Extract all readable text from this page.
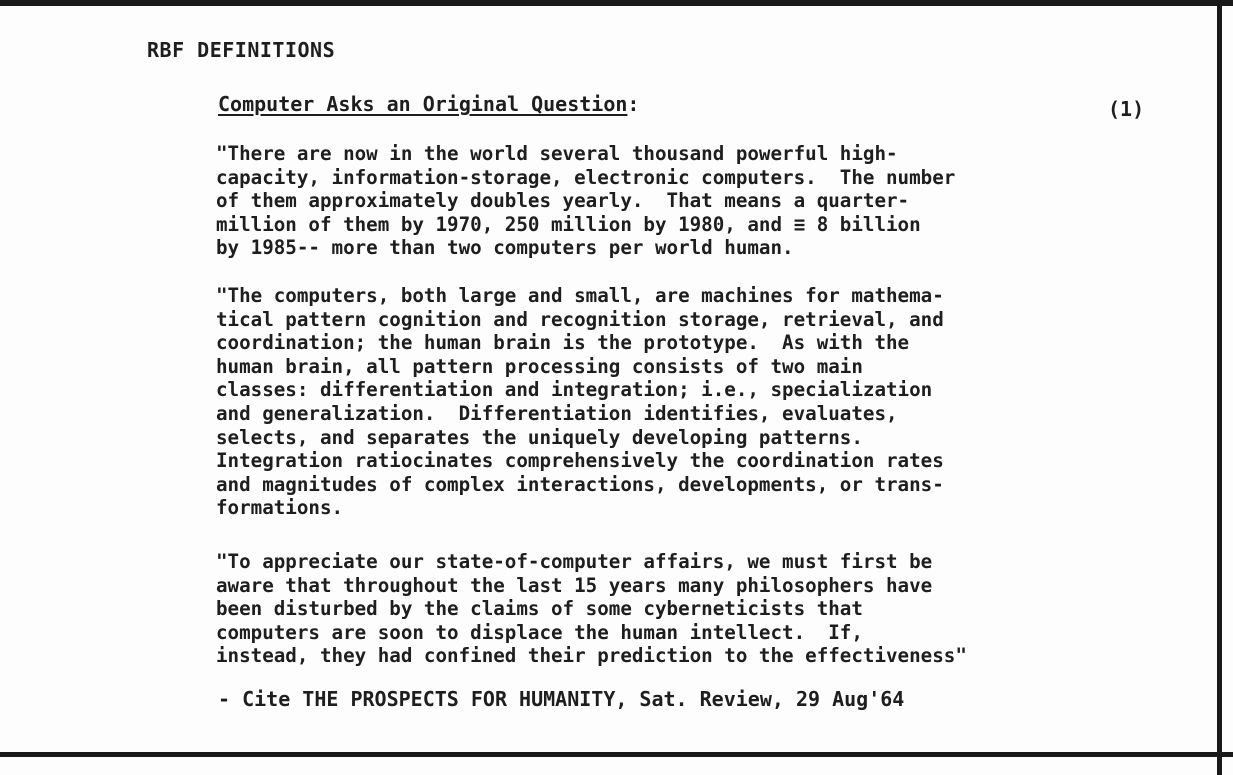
RBF DEFINITIONS
Computer Asks an Original Question:	(1)
"There are now in the world several thousand powerful high-
capacity, information-storage, electronic computers.  The number
of them approximately doubles yearly.  That means a quarter-
million of them by 1970, 250 million by 1980, and ≡ 8 billion
by 1985-- more than two computers per world human.
"The computers, both large and small, are machines for mathema-
tical pattern cognition and recognition storage, retrieval, and
coordination; the human brain is the prototype.  As with the
human brain, all pattern processing consists of two main
classes: differentiation and integration; i.e., specialization
and generalization.  Differentiation identifies, evaluates,
selects, and separates the uniquely developing patterns.
Integration ratiocinates comprehensively the coordination rates
and magnitudes of complex interactions, developments, or trans-
formations.
"To appreciate our state-of-computer affairs, we must first be
aware that throughout the last 15 years many philosophers have
been disturbed by the claims of some cyberneticists that
computers are soon to displace the human intellect.  If,
instead, they had confined their prediction to the effectiveness"
- Cite THE PROSPECTS FOR HUMANITY, Sat. Review, 29 Aug'64
